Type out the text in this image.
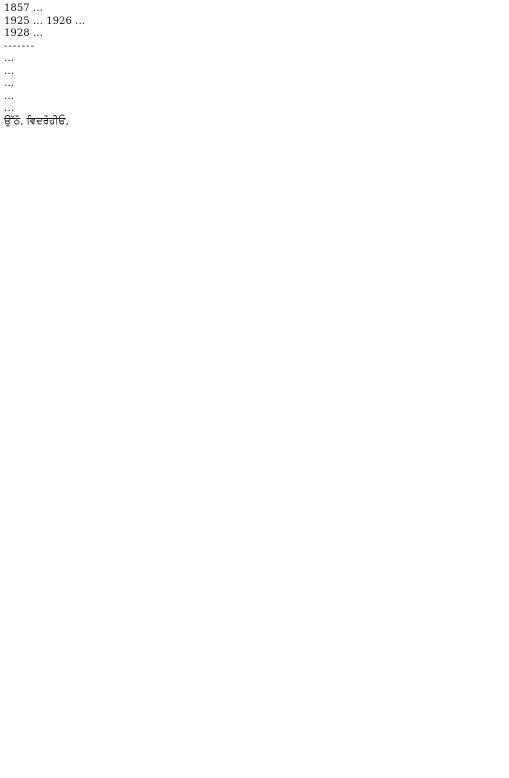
1857 …

1925 … 1926 …

1928 …

-------

…

…

…

…

…

ਉੱਠੋ, ਵਿਦਰੋਹੀਓ,
